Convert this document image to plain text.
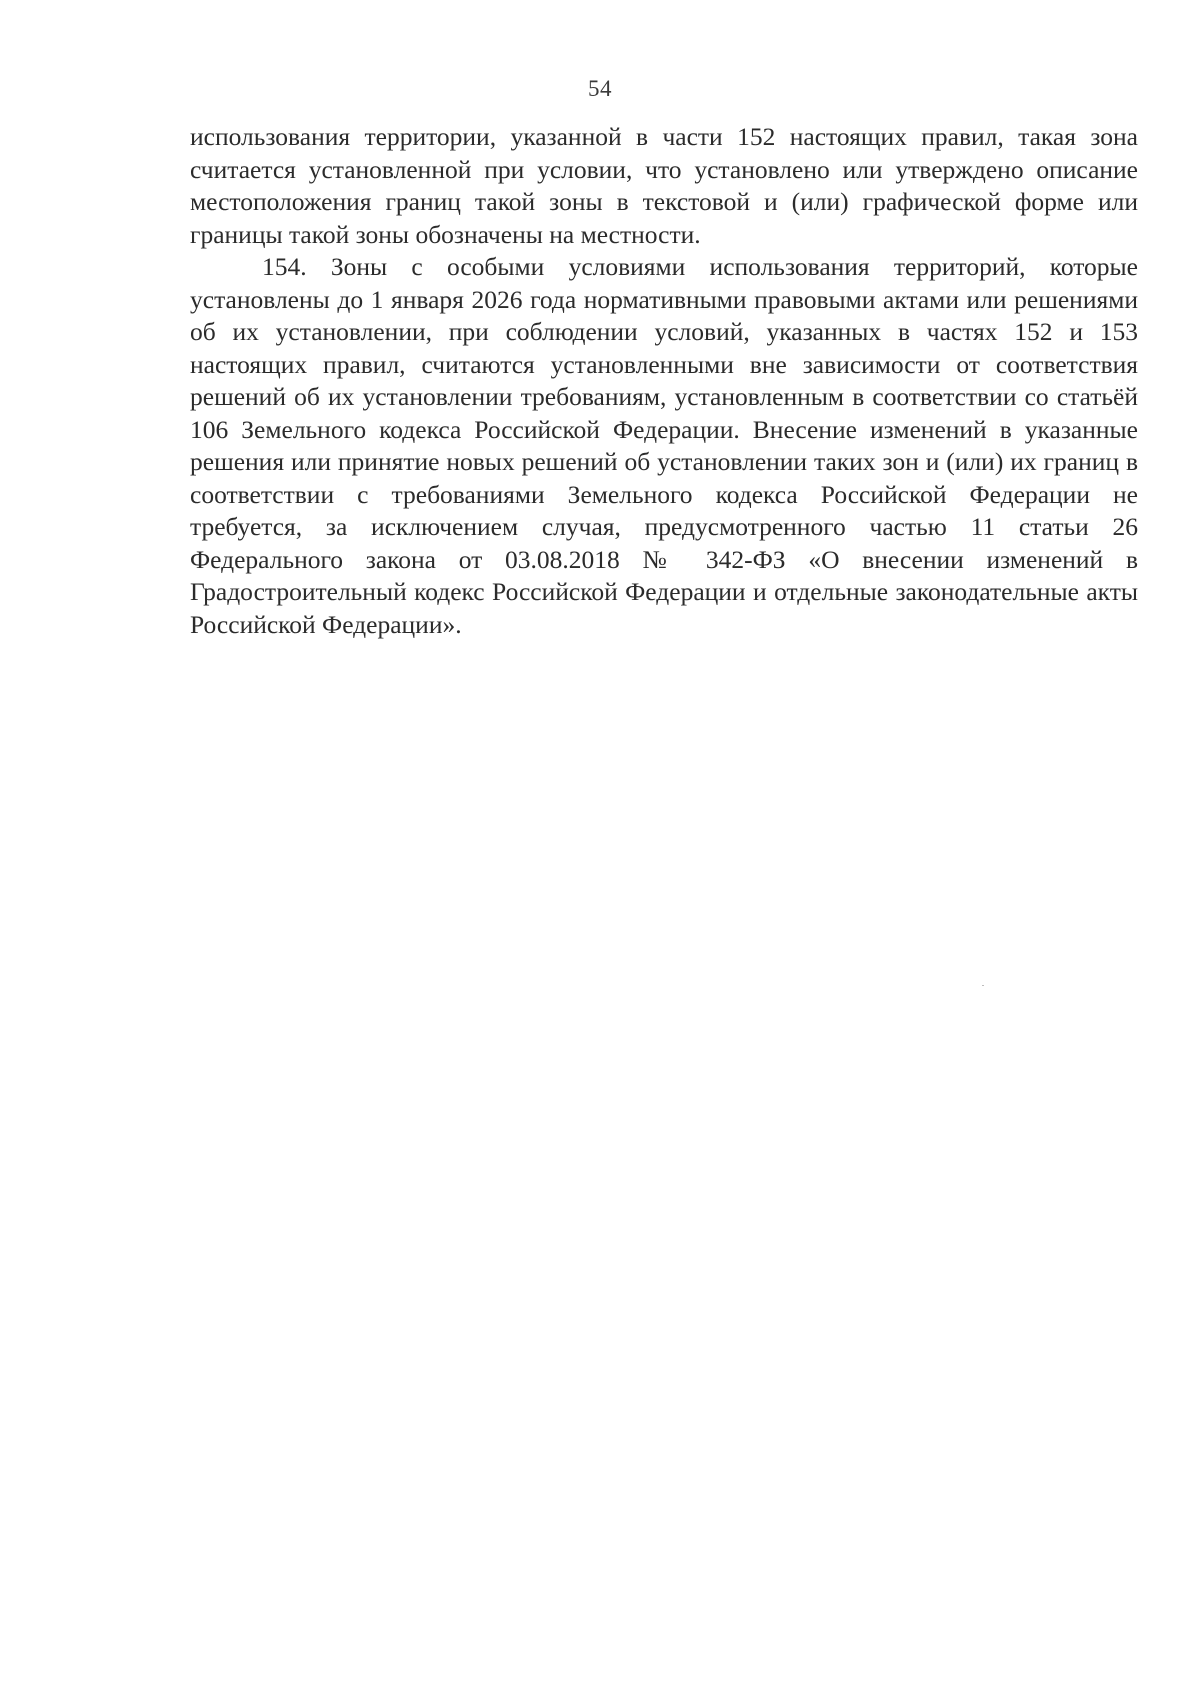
54

использования территории, указанной в части 152 настоящих правил, такая зона считается установленной при условии, что установлено или утверждено описание местоположения границ такой зоны в текстовой и (или) графической форме или границы такой зоны обозначены на местности.

154. Зоны с особыми условиями использования территорий, которые установлены до 1 января 2026 года нормативными правовыми актами или решениями об их установлении, при соблюдении условий, указанных в частях 152 и 153 настоящих правил, считаются установленными вне зависимости от соответствия решений об их установлении требованиям, установленным в соответствии со статьёй 106 Земельного кодекса Российской Федерации. Внесение изменений в указанные решения или принятие новых решений об установлении таких зон и (или) их границ в соответствии с требованиями Земельного кодекса Российской Федерации не требуется, за исключением случая, предусмотренного частью 11 статьи 26 Федерального закона от 03.08.2018 № 342-ФЗ «О внесении изменений в Градостроительный кодекс Российской Федерации и отдельные законодательные акты Российской Федерации».
